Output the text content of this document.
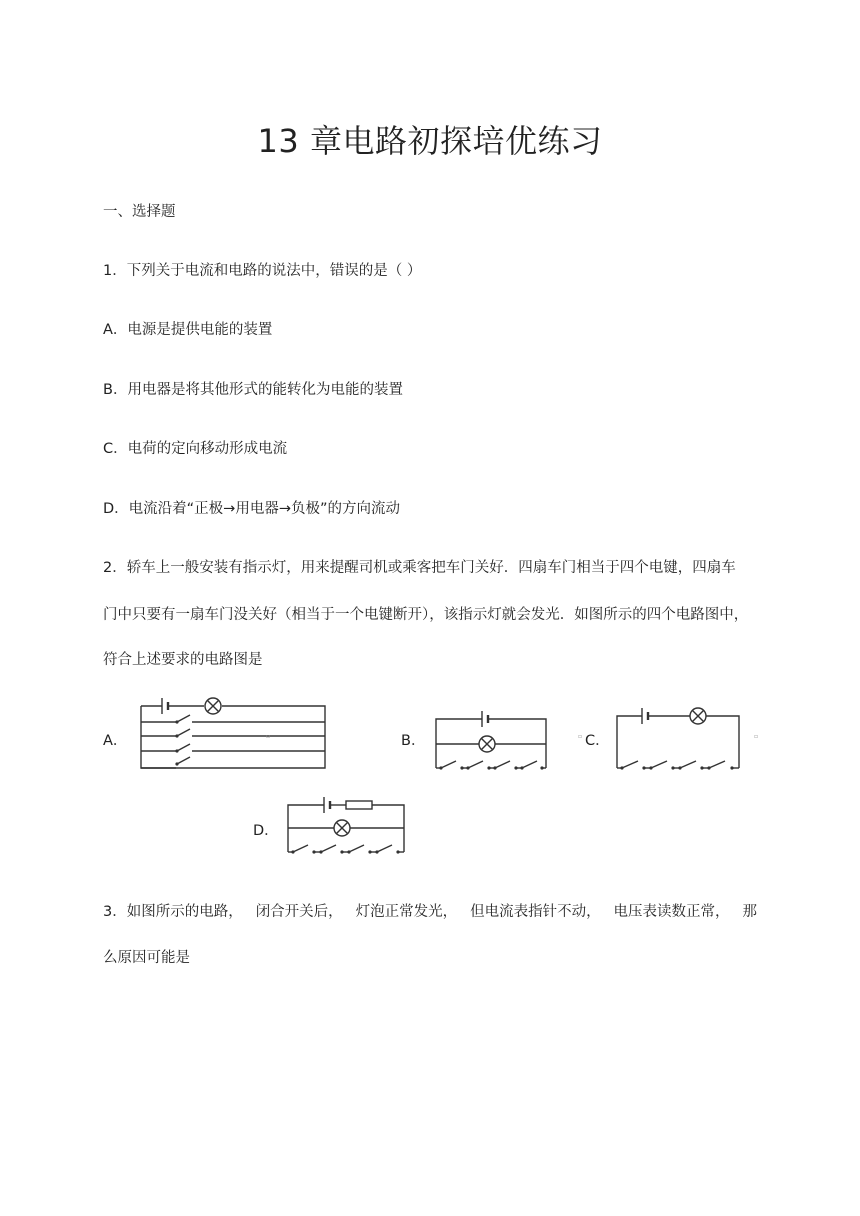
13 章电路初探培优练习
一、选择题
1．下列关于电流和电路的说法中，错误的是（ ）
A．电源是提供电能的装置
B．用电器是将其他形式的能转化为电能的装置
C．电荷的定向移动形成电流
D．电流沿着“正极→用电器→负极”的方向流动
2．轿车上一般安装有指示灯，用来提醒司机或乘客把车门关好．四扇车门相当于四个电键，四扇车
门中只要有一扇车门没关好（相当于一个电键断开），该指示灯就会发光．如图所示的四个电路图中，
符合上述要求的电路图是
A．	▫	B．	▫ C．	▫
D．
3．如图所示的电路， 闭合开关后， 灯泡正常发光， 但电流表指针不动， 电压表读数正常， 那
么原因可能是
